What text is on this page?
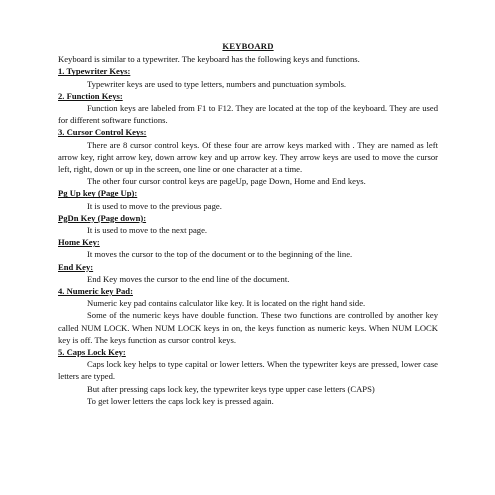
KEYBOARD

Keyboard is similar to a typewriter. The keyboard has the following keys and functions.

1. Typewriter Keys:

Typewriter keys are used to type letters, numbers and punctuation symbols.

2. Function Keys:

Function keys are labeled from F1 to F12. They are located at the top of the keyboard. They are used for different software functions.

3. Cursor Control Keys:

There are 8 cursor control keys. Of these four are arrow keys marked with . They are named as left arrow key, right arrow key, down arrow key and up arrow key. They arrow keys are used to move the cursor left, right, down or up in the screen, one line or one character at a time.

The other four cursor control keys are pageUp, page Down, Home and End keys.

Pg Up key (Page Up):

It is used to move to the previous page.

PgDn Key (Page down):

It is used to move to the next page.

Home Key:

It moves the cursor to the top of the document or to the beginning of the line.

End Key:

End Key moves the cursor to the end line of the document.

4. Numeric key Pad:

Numeric key pad contains calculator like key. It is located on the right hand side.

Some of the numeric keys have double function. These two functions are controlled by another key called NUM LOCK. When NUM LOCK keys in on, the keys function as numeric keys. When NUM LOCK key is off. The keys function as cursor control keys.

5. Caps Lock Key:

Caps lock key helps to type capital or lower letters. When the typewriter keys are pressed, lower case letters are typed.

But after pressing caps lock key, the typewriter keys type upper case letters (CAPS)

To get lower letters the caps lock key is pressed again.
